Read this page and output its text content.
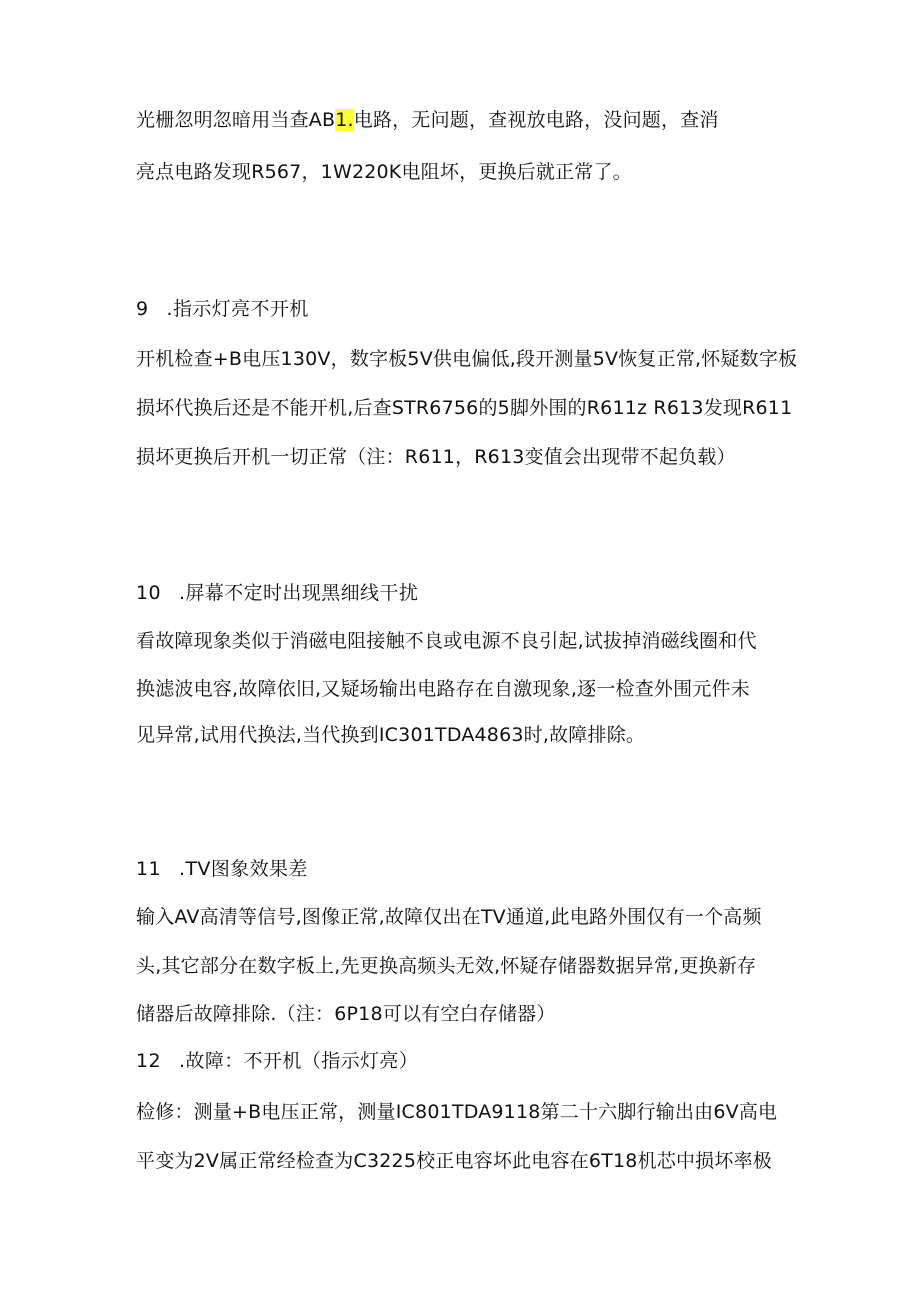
光栅忽明忽暗用当查AB1.电路，无问题，查视放电路，没问题，查消
亮点电路发现R567，1W220K电阻坏，更换后就正常了。
9 .指示灯亮不开机
开机检查+B电压130V，数字板5V供电偏低,段开测量5V恢复正常,怀疑数字板
损坏代换后还是不能开机,后查STR6756的5脚外围的R611z R613发现R611
损坏更换后开机一切正常（注：R611，R613变值会出现带不起负载）
10 .屏幕不定时出现黑细线干扰
看故障现象类似于消磁电阻接触不良或电源不良引起,试拔掉消磁线圈和代
换滤波电容,故障依旧,又疑场输出电路存在自激现象,逐一检查外围元件未
见异常,试用代换法,当代换到IC301TDA4863时,故障排除。
11 .TV图象效果差
输入AV高清等信号,图像正常,故障仅出在TV通道,此电路外围仅有一个高频
头,其它部分在数字板上,先更换高频头无效,怀疑存储器数据异常,更换新存
储器后故障排除.（注：6P18可以有空白存储器）
12 .故障：不开机（指示灯亮）
检修：测量+B电压正常，测量IC801TDA9118第二十六脚行输出由6V高电
平变为2V属正常经检查为C3225校正电容坏此电容在6T18机芯中损坏率极
